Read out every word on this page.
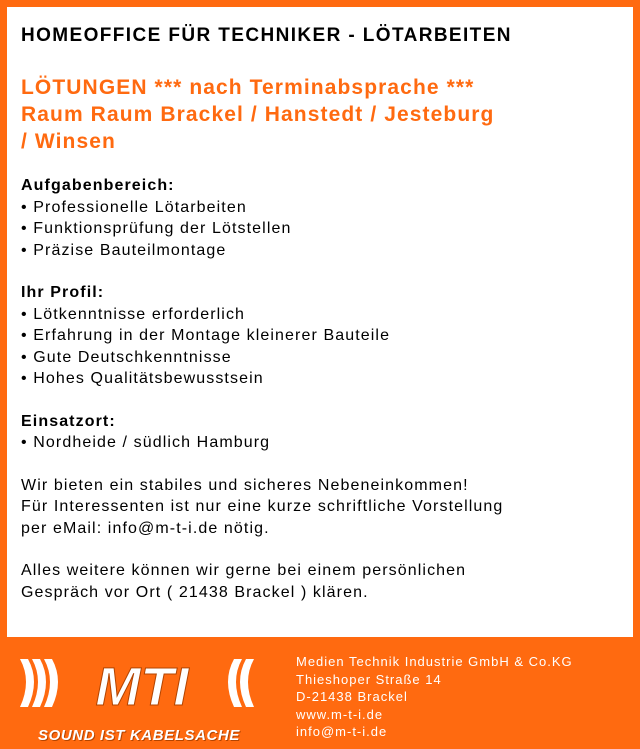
HOMEOFFICE FÜR TECHNIKER - LÖTARBEITEN
LÖTUNGEN *** nach Terminabsprache ***
Raum Raum Brackel / Hanstedt / Jesteburg
/ Winsen
Aufgabenbereich:
• Professionelle Lötarbeiten
• Funktionsprüfung der Lötstellen
• Präzise Bauteilmontage
Ihr Profil:
• Lötkenntnisse erforderlich
• Erfahrung in der Montage kleinerer Bauteile
• Gute Deutschkenntnisse
• Hohes Qualitätsbewusstsein
Einsatzort:
• Nordheide / südlich Hamburg
Wir bieten ein stabiles und sicheres Nebeneinkommen!
Für Interessenten ist nur eine kurze schriftliche Vorstellung
per eMail: info@m-t-i.de nötig.
Alles weitere können wir gerne bei einem persönlichen
Gespräch vor Ort ( 21438 Brackel ) klären.
MTI
SOUND IST KABELSACHE
Medien Technik Industrie GmbH & Co.KG
Thieshoper Straße 14
D-21438 Brackel
www.m-t-i.de
info@m-t-i.de
